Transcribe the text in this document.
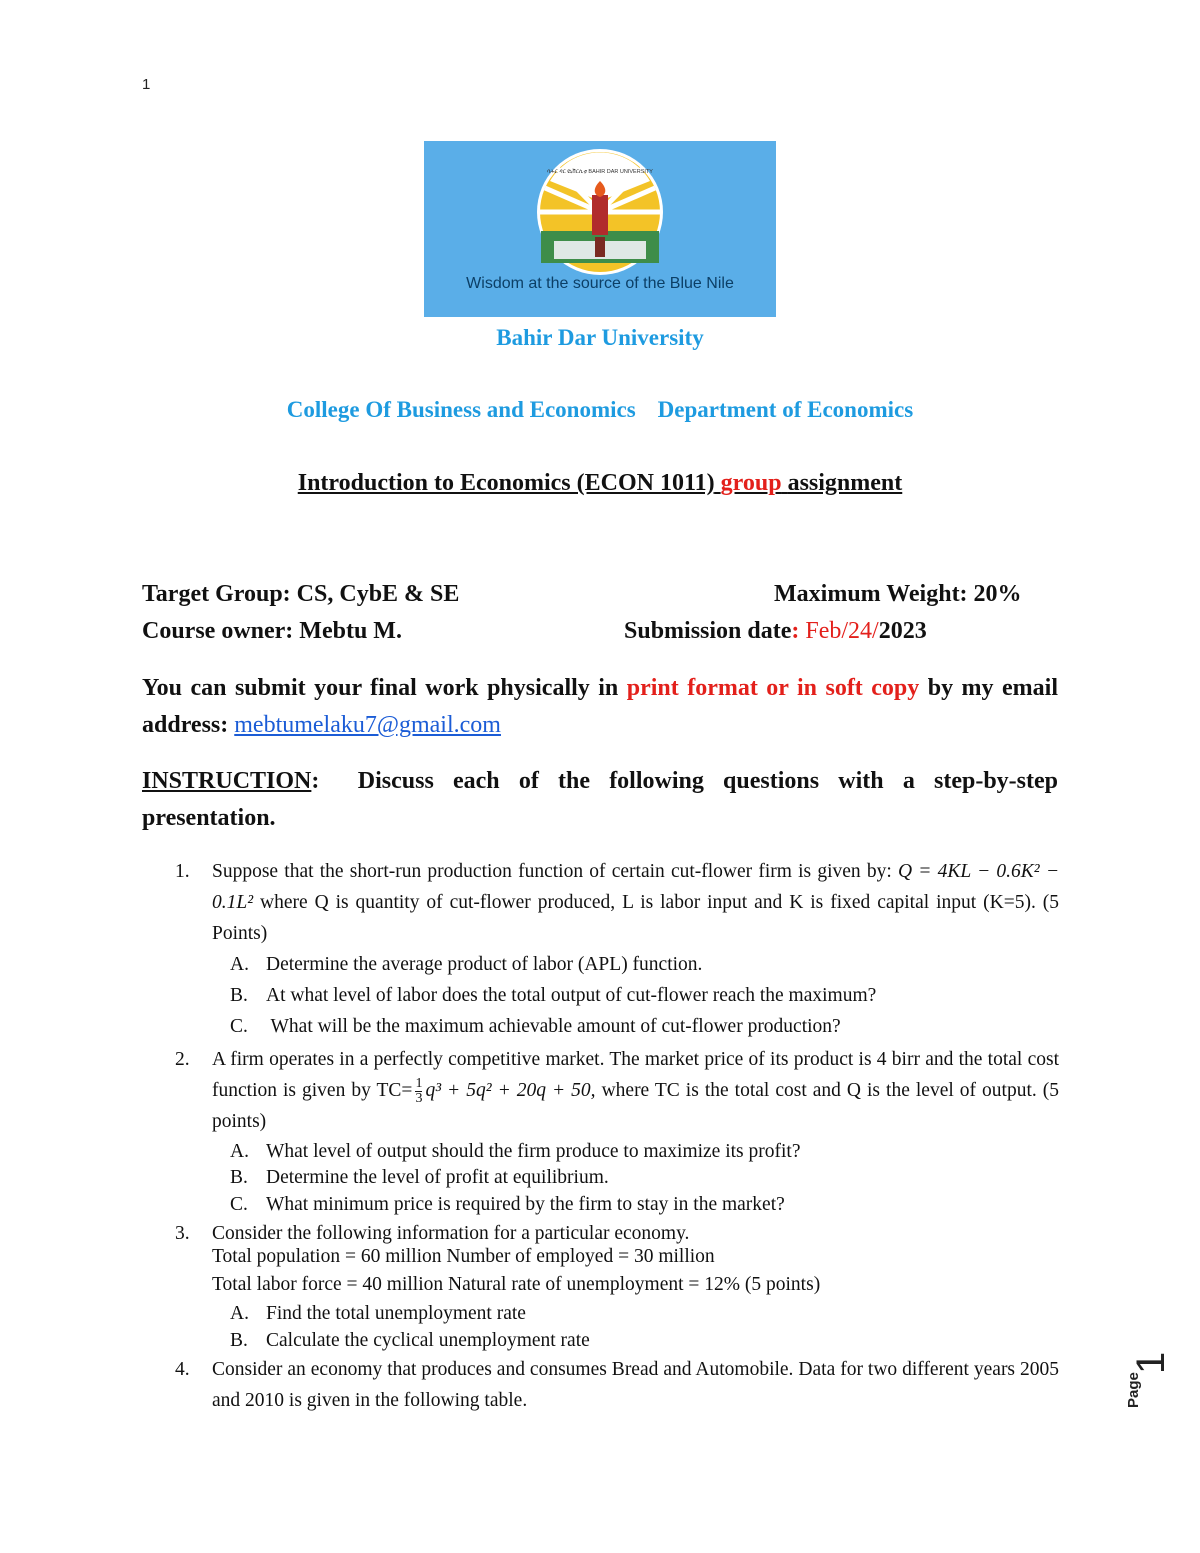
1
ባሕር ዳር ዩኒቨርሲቲ BAHIR DAR UNIVERSITY
Wisdom at the source of the Blue Nile
Bahir Dar University
College Of Business and Economics Department of Economics
Introduction to Economics (ECON 1011) group assignment
Target Group: CS, CybE & SE	Maximum Weight: 20%
Course owner: Mebtu M.	Submission date: Feb/24/2023
You can submit your final work physically in print format or in soft copy by my email address: mebtumelaku7@gmail.com
INSTRUCTION:  Discuss each of the following questions with a step-by-step presentation.
1. Suppose that the short-run production function of certain cut-flower firm is given by: Q = 4KL − 0.6K² − 0.1L² where Q is quantity of cut-flower produced, L is labor input and K is fixed capital input (K=5). (5 Points)
A. Determine the average product of labor (APL) function.
B. At what level of labor does the total output of cut-flower reach the maximum?
C. What will be the maximum achievable amount of cut-flower production?
2. A firm operates in a perfectly competitive market. The market price of its product is 4 birr and the total cost function is given by $TC= \frac{1}{3} q^3 + 5q^2 + 20q + 50$, where TC is the total cost and Q is the level of output. (5 points)
A. What level of output should the firm produce to maximize its profit?
B. Determine the level of profit at equilibrium.
C. What minimum price is required by the firm to stay in the market?
3. Consider the following information for a particular economy.
Total population = 60 million Number of employed = 30 million
Total labor force = 40 million Natural rate of unemployment = 12% (5 points)
A. Find the total unemployment rate
B. Calculate the cyclical unemployment rate
4. Consider an economy that produces and consumes Bread and Automobile. Data for two different years 2005 and 2010 is given in the following table.	Page
1
